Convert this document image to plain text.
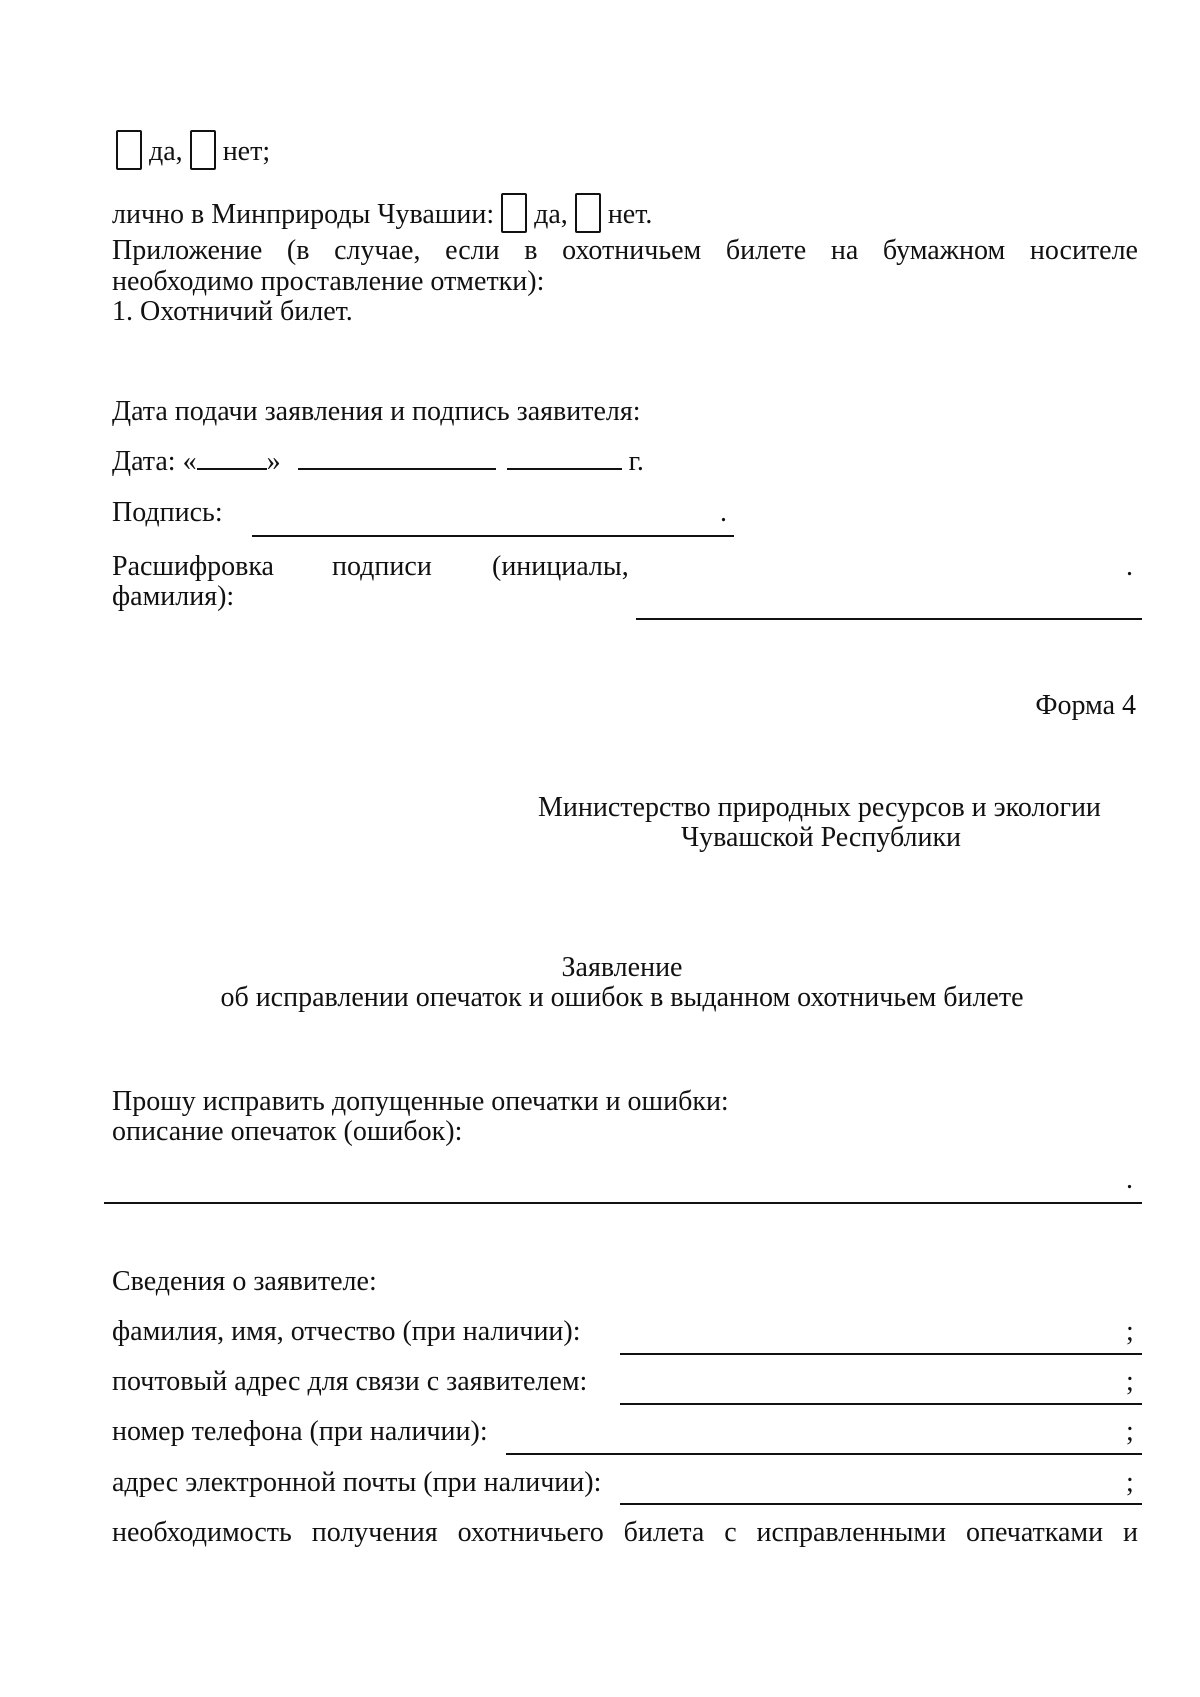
да, нет;
лично в Минприроды Чувашии: да, нет.
Приложение (в случае, если в охотничьем билете на бумажном носителе
необходимо проставление отметки):
1. Охотничий билет.
Дата подачи заявления и подпись заявителя:
Дата: «	»	г.
Подпись:	.
Расшифровка подписи (инициалы,	.
фамилия):
Форма 4
Министерство природных ресурсов и экологии
Чувашской Республики
Заявление
об исправлении опечаток и ошибок в выданном охотничьем билете
Прошу исправить допущенные опечатки и ошибки:
описание опечаток (ошибок):
.
Сведения о заявителе:
фамилия, имя, отчество (при наличии):	;
почтовый адрес для связи с заявителем:	;
номер телефона (при наличии):	;
адрес электронной почты (при наличии):	;
необходимость получения охотничьего билета с исправленными опечатками и
